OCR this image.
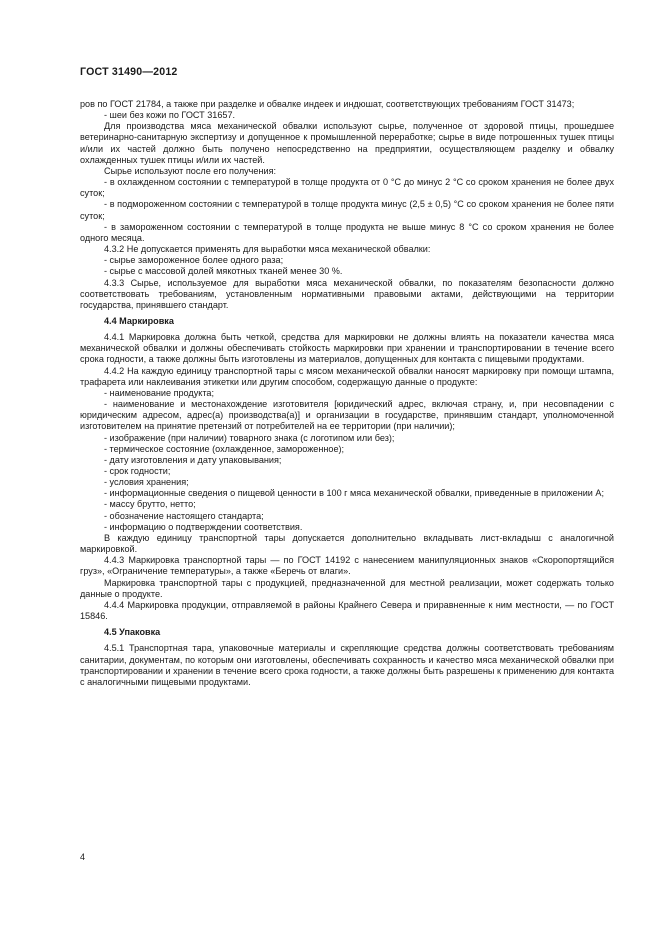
ГОСТ 31490—2012

ров по ГОСТ 21784, а также при разделке и обвалке индеек и индюшат, соответствующих требованиям ГОСТ 31473;

- шеи без кожи по ГОСТ 31657.

Для производства мяса механической обвалки используют сырье, полученное от здоровой птицы, прошедшее ветеринарно-санитарную экспертизу и допущенное к промышленной переработке; сырье в виде потрошенных тушек птицы и/или их частей должно быть получено непосредственно на предприятии, осуществляющем разделку и обвалку охлажденных тушек птицы и/или их частей.

Сырье используют после его получения:

- в охлажденном состоянии с температурой в толще продукта от 0 °С до минус 2 °С со сроком хранения не более двух суток;

- в подмороженном состоянии с температурой в толще продукта минус (2,5 ± 0,5) °С со сроком хранения не более пяти суток;

- в замороженном состоянии с температурой в толще продукта не выше минус 8 °С со сроком хранения не более одного месяца.

4.3.2 Не допускается применять для выработки мяса механической обвалки:

- сырье замороженное более одного раза;

- сырье с массовой долей мякотных тканей менее 30 %.

4.3.3 Сырье, используемое для выработки мяса механической обвалки, по показателям безопасности должно соответствовать требованиям, установленным нормативными правовыми актами, действующими на территории государства, принявшего стандарт.

4.4 Маркировка

4.4.1 Маркировка должна быть четкой, средства для маркировки не должны влиять на показатели качества мяса механической обвалки и должны обеспечивать стойкость маркировки при хранении и транспортировании в течение всего срока годности, а также должны быть изготовлены из материалов, допущенных для контакта с пищевыми продуктами.

4.4.2 На каждую единицу транспортной тары с мясом механической обвалки наносят маркировку при помощи штампа, трафарета или наклеивания этикетки или другим способом, содержащую данные о продукте:

- наименование продукта;

- наименование и местонахождение изготовителя [юридический адрес, включая страну, и, при несовпадении с юридическим адресом, адрес(а) производства(а)] и организации в государстве, принявшим стандарт, уполномоченной изготовителем на принятие претензий от потребителей на ее территории (при наличии);

- изображение (при наличии) товарного знака (с логотипом или без);

- термическое состояние (охлажденное, замороженное);

- дату изготовления и дату упаковывания;

- срок годности;

- условия хранения;

- информационные сведения о пищевой ценности в 100 г мяса механической обвалки, приведенные в приложении А;

- массу брутто, нетто;

- обозначение настоящего стандарта;

- информацию о подтверждении соответствия.

В каждую единицу транспортной тары допускается дополнительно вкладывать лист-вкладыш с аналогичной маркировкой.

4.4.3 Маркировка транспортной тары — по ГОСТ 14192 с нанесением манипуляционных знаков «Скоропортящийся груз», «Ограничение температуры», а также «Беречь от влаги».

Маркировка транспортной тары с продукцией, предназначенной для местной реализации, может содержать только данные о продукте.

4.4.4 Маркировка продукции, отправляемой в районы Крайнего Севера и приравненные к ним местности, — по ГОСТ 15846.

4.5 Упаковка

4.5.1 Транспортная тара, упаковочные материалы и скрепляющие средства должны соответствовать требованиям санитарии, документам, по которым они изготовлены, обеспечивать сохранность и качество мяса механической обвалки при транспортировании и хранении в течение всего срока годности, а также должны быть разрешены к применению для контакта с аналогичными пищевыми продуктами.

4
